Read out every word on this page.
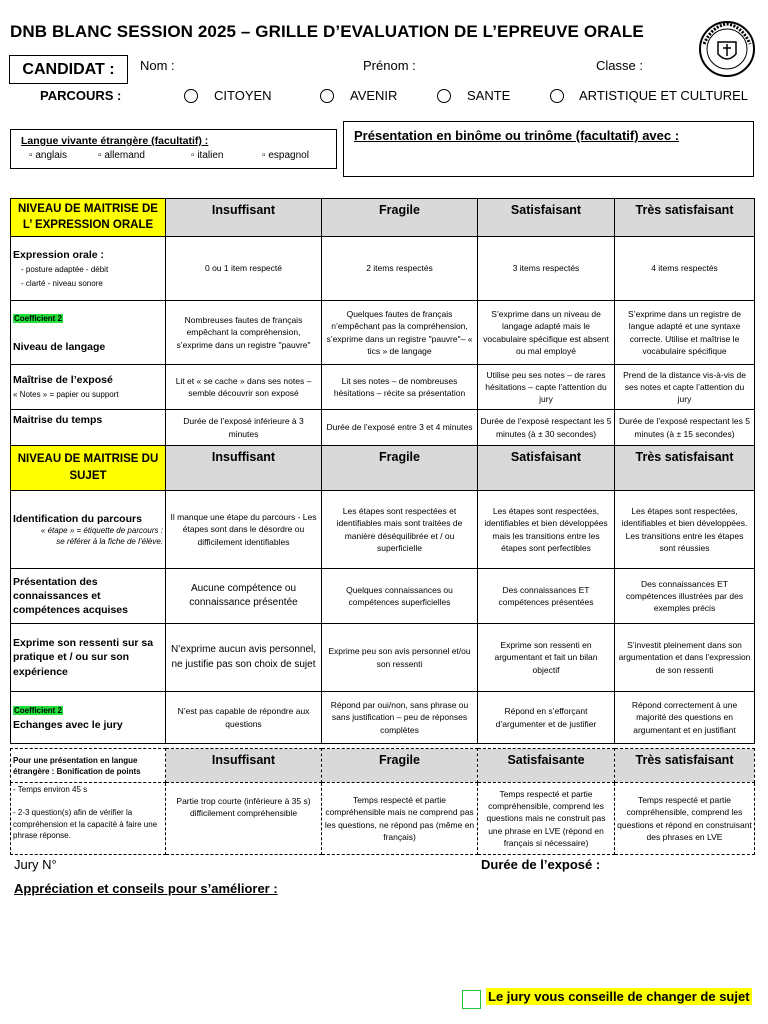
DNB BLANC SESSION 2025 – GRILLE D’EVALUATION DE L’EPREUVE ORALE
CANDIDAT :	Nom :	Prénom :	Classe :
PARCOURS :	CITOYEN	AVENIR	SANTE	ARTISTIQUE ET CULTUREL
Langue vivante étrangère (facultatif) :
▫ anglais	▫ allemand	▫ italien	▫ espagnol
Présentation en binôme ou trinôme (facultatif) avec :
NIVEAU DE MAITRISE DE L’ EXPRESSION ORALE	Insuffisant	Fragile	Satisfaisant	Très satisfaisant
Expression orale :
- posture adaptée - débit
- clarté - niveau sonore	0 ou 1 item respecté	2 items respectés	3 items respectés	4 items respectés
Coefficient 2

Niveau de langage	Nombreuses fautes de français empêchant la compréhension, s’exprime dans un registre "pauvre"	Quelques fautes de français n’empêchant pas la compréhension, s’exprime dans un registre "pauvre"– « tics » de langage	S’exprime dans un niveau de langage adapté mais le vocabulaire spécifique est absent ou mal employé	S’exprime dans un registre de langue adapté et une syntaxe correcte. Utilise et maîtrise le vocabulaire spécifique
Maîtrise de l’exposé
« Notes » = papier ou support	Lit et « se cache » dans ses notes – semble découvrir son exposé	Lit ses notes – de nombreuses hésitations – récite sa présentation	Utilise peu ses notes – de rares hésitations – capte l’attention du jury	Prend de la distance vis-à-vis de ses notes et capte l’attention du jury
Maitrise du temps	Durée de l’exposé inférieure à 3 minutes	Durée de l’exposé entre 3 et 4 minutes	Durée de l’exposé respectant les 5 minutes (à ± 30 secondes)	Durée de l’exposé respectant les 5 minutes (à ± 15 secondes)
NIVEAU DE MAITRISE DU SUJET	Insuffisant	Fragile	Satisfaisant	Très satisfaisant
Identification du parcours
« étape » = étiquette de parcours :
se référer à la fiche de l’élève.	Il manque une étape du parcours - Les étapes sont dans le désordre ou difficilement identifiables	Les étapes sont respectées et identifiables mais sont traitées de manière déséquilibrée et / ou superficielle	Les étapes sont respectées, identifiables et bien développées mais les transitions entre les étapes sont perfectibles	Les étapes sont respectées, identifiables et bien développées. Les transitions entre les étapes sont réussies
Présentation des connaissances et compétences acquises	Aucune compétence ou connaissance présentée	Quelques connaissances ou compétences superficielles	Des connaissances ET compétences présentées	Des connaissances ET compétences illustrées par des exemples précis
Exprime son ressenti sur sa pratique et / ou sur son expérience	N’exprime aucun avis personnel, ne justifie pas son choix de sujet	Exprime peu son avis personnel et/ou son ressenti	Exprime son ressenti en argumentant et fait un bilan objectif	S’investit pleinement dans son argumentation et dans l’expression de son ressenti
Coefficient 2
Echanges avec le jury	N’est pas capable de répondre aux questions	Répond par oui/non, sans phrase ou sans justification – peu de réponses complètes	Répond en s’efforçant d’argumenter et de justifier	Répond correctement à une majorité des questions en argumentant et en justifiant
Pour une présentation en langue étrangère : Bonification de points	Insuffisant	Fragile	Satisfaisante	Très satisfaisant
- Temps environ 45 s

- 2-3 question(s) afin de vérifier la compréhension et la capacité à faire une phrase réponse.	Partie trop courte (inférieure à 35 s) difficilement compréhensible	Temps respecté et partie compréhensible mais ne comprend pas les questions, ne répond pas (même en français)	Temps respecté et partie compréhensible, comprend les questions mais ne construit pas une phrase en LVE (répond en français si nécessaire)	Temps respecté et partie compréhensible, comprend les questions et répond en construisant des phrases en LVE
Jury N°	Durée de l’exposé :
Appréciation et conseils pour s’améliorer :
Le jury vous conseille de changer de sujet
